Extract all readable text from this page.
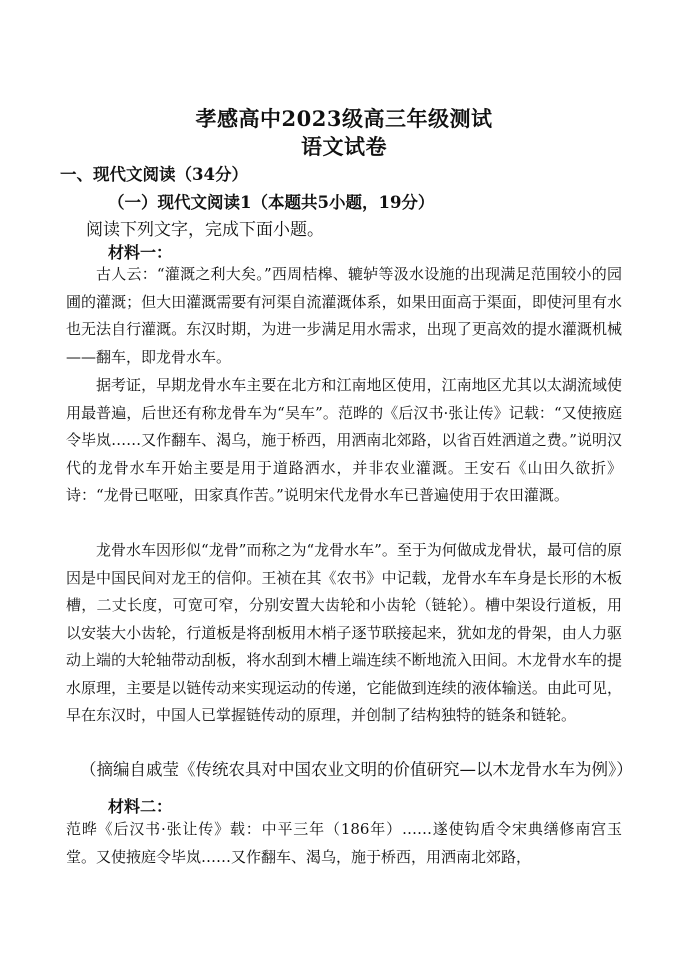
孝感高中2023级高三年级测试
语文试卷
一、现代文阅读（34分）
（一）现代文阅读1（本题共5小题，19分）
阅读下列文字，完成下面小题。
材料一：

古人云：“灌溉之利大矣。”西周桔槔、辘轳等汲水设施的出现满足范围较小的园圃的灌溉；但大田灌溉需要有河渠自流灌溉体系，如果田面高于渠面，即使河里有水也无法自行灌溉。东汉时期，为进一步满足用水需求，出现了更高效的提水灌溉机械——翻车，即龙骨水车。

据考证，早期龙骨水车主要在北方和江南地区使用，江南地区尤其以太湖流域使用最普遍，后世还有称龙骨车为“吴车”。范晔的《后汉书·张让传》记载：“又使掖庭令毕岚……又作翻车、渴乌，施于桥西，用洒南北郊路，以省百姓洒道之费。”说明汉代的龙骨水车开始主要是用于道路洒水，并非农业灌溉。王安石《山田久欲折》诗：“龙骨已呕哑，田家真作苦。”说明宋代龙骨水车已普遍使用于农田灌溉。

龙骨水车因形似“龙骨”而称之为“龙骨水车”。至于为何做成龙骨状，最可信的原因是中国民间对龙王的信仰。王祯在其《农书》中记载，龙骨水车车身是长形的木板槽，二丈长度，可宽可窄，分别安置大齿轮和小齿轮（链轮）。槽中架设行道板，用以安装大小齿轮，行道板是将刮板用木梢子逐节联接起来，犹如龙的骨架，由人力驱动上端的大轮轴带动刮板，将水刮到木槽上端连续不断地流入田间。木龙骨水车的提水原理，主要是以链传动来实现运动的传递，它能做到连续的液体输送。由此可见，早在东汉时，中国人已掌握链传动的原理，并创制了结构独特的链条和链轮。

（摘编自戚莹《传统农具对中国农业文明的价值研究—以木龙骨水车为例》）
材料二：

范晔《后汉书·张让传》载：中平三年（186年）……遂使钩盾令宋典缮修南宫玉堂。又使掖庭令毕岚……又作翻车、渴乌，施于桥西，用洒南北郊路，
